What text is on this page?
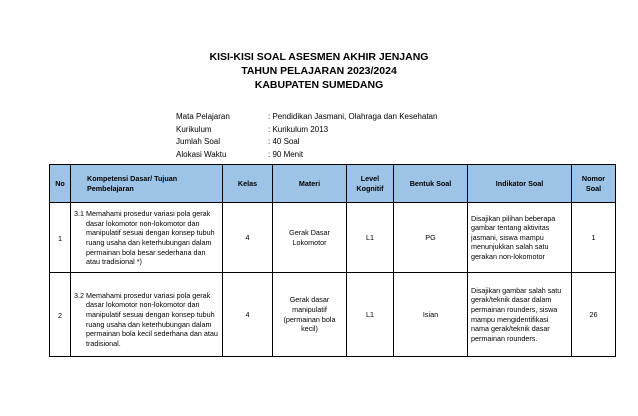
KISI-KISI SOAL ASESMEN AKHIR JENJANG
TAHUN PELAJARAN 2023/2024
KABUPATEN SUMEDANG
Mata Pelajaran	: Pendidikan Jasmani, Olahraga dan Kesehatan
Kurikulum	: Kurikulum 2013
Jumlah Soal	: 40 Soal
Alokasi Waktu	: 90 Menit
No	Kompetensi Dasar/ Tujuan Pembelajaran	Kelas	Materi	Level Kognitif	Bentuk Soal	Indikator Soal	Nomor Soal
1	3.1 Memahami prosedur variasi pola gerak dasar lokomotor non-lokomotor dan manipulatif sesuai dengan konsep tubuh ruang usaha dan keterhubungan dalam permainan bola besar sederhana dan atau tradisional *)	4	Gerak Dasar Lokomotor	L1	PG	Disajikan pilihan beberapa gambar tentang aktivitas jasmani, siswa mampu menunjukkan salah satu gerakan non-lokomotor	1
2	3.2 Memahami prosedur variasi pola gerak dasar lokomotor non-lokomotor dan manipulatif sesuai dengan konsep tubuh ruang usaha dan keterhubungan dalam permainan bola kecil sederhana dan atau tradisional.	4	Gerak dasar manipulatif (permainan bola kecil)	L1	Isian	Disajikan gambar salah satu gerak/teknik dasar dalam permainan rounders, siswa mampu mengidentifikasi nama gerak/teknik dasar permainan rounders.	26
